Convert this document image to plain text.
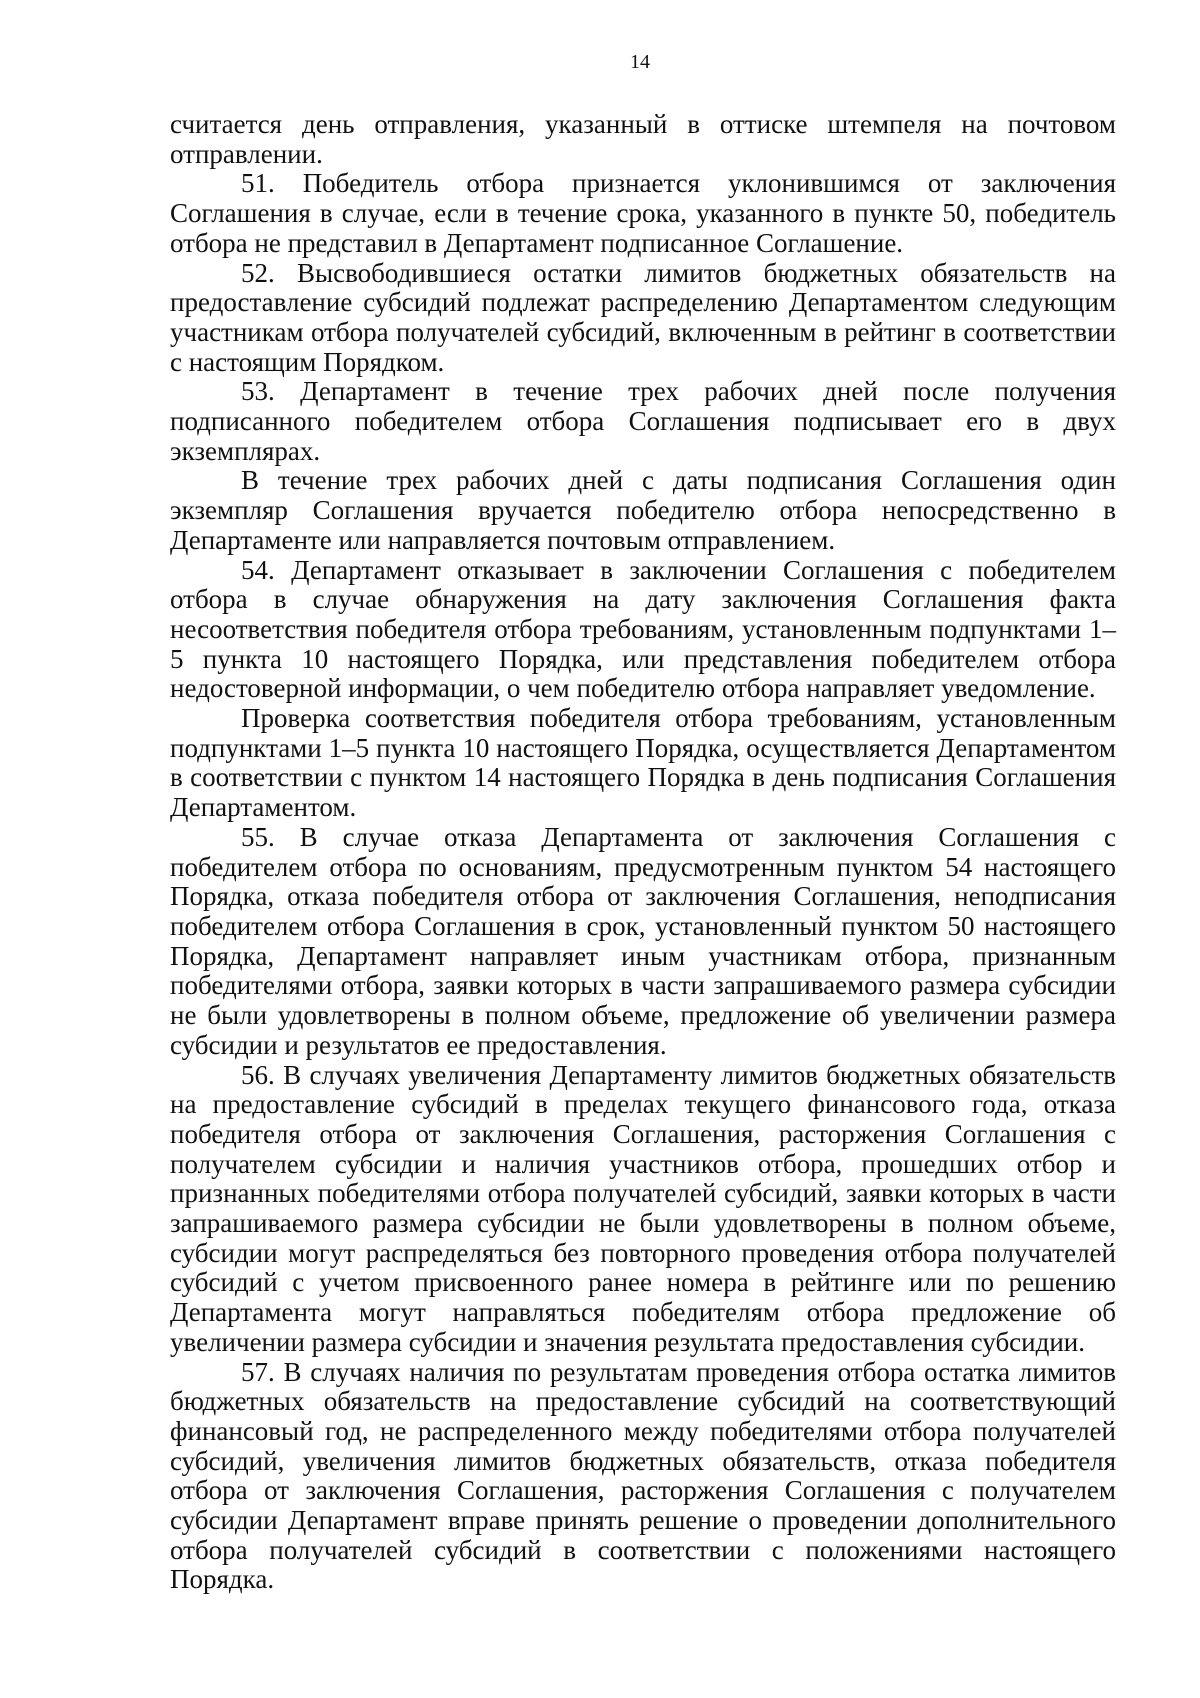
14

считается день отправления, указанный в оттиске штемпеля на почтовом отправлении.

51. Победитель отбора признается уклонившимся от заключения Соглашения в случае, если в течение срока, указанного в пункте 50, победитель отбора не представил в Департамент подписанное Соглашение.

52. Высвободившиеся остатки лимитов бюджетных обязательств на предоставление субсидий подлежат распределению Департаментом следующим участникам отбора получателей субсидий, включенным в рейтинг в соответствии с настоящим Порядком.

53. Департамент в течение трех рабочих дней после получения подписанного победителем отбора Соглашения подписывает его в двух экземплярах.

В течение трех рабочих дней с даты подписания Соглашения один экземпляр Соглашения вручается победителю отбора непосредственно в Департаменте или направляется почтовым отправлением.

54. Департамент отказывает в заключении Соглашения с победителем отбора в случае обнаружения на дату заключения Соглашения факта несоответствия победителя отбора требованиям, установленным подпунктами 1–5 пункта 10 настоящего Порядка, или представления победителем отбора недостоверной информации, о чем победителю отбора направляет уведомление.

Проверка соответствия победителя отбора требованиям, установленным подпунктами 1–5 пункта 10 настоящего Порядка, осуществляется Департаментом в соответствии с пунктом 14 настоящего Порядка в день подписания Соглашения Департаментом.

55. В случае отказа Департамента от заключения Соглашения с победителем отбора по основаниям, предусмотренным пунктом 54 настоящего Порядка, отказа победителя отбора от заключения Соглашения, неподписания победителем отбора Соглашения в срок, установленный пунктом 50 настоящего Порядка, Департамент направляет иным участникам отбора, признанным победителями отбора, заявки которых в части запрашиваемого размера субсидии не были удовлетворены в полном объеме, предложение об увеличении размера субсидии и результатов ее предоставления.

56. В случаях увеличения Департаменту лимитов бюджетных обязательств на предоставление субсидий в пределах текущего финансового года, отказа победителя отбора от заключения Соглашения, расторжения Соглашения с получателем субсидии и наличия участников отбора, прошедших отбор и признанных победителями отбора получателей субсидий, заявки которых в части запрашиваемого размера субсидии не были удовлетворены в полном объеме, субсидии могут распределяться без повторного проведения отбора получателей субсидий с учетом присвоенного ранее номера в рейтинге или по решению Департамента могут направляться победителям отбора предложение об увеличении размера субсидии и значения результата предоставления субсидии.

57. В случаях наличия по результатам проведения отбора остатка лимитов бюджетных обязательств на предоставление субсидий на соответствующий финансовый год, не распределенного между победителями отбора получателей субсидий, увеличения лимитов бюджетных обязательств, отказа победителя отбора от заключения Соглашения, расторжения Соглашения с получателем субсидии Департамент вправе принять решение о проведении дополнительного отбора получателей субсидий в соответствии с положениями настоящего Порядка.
